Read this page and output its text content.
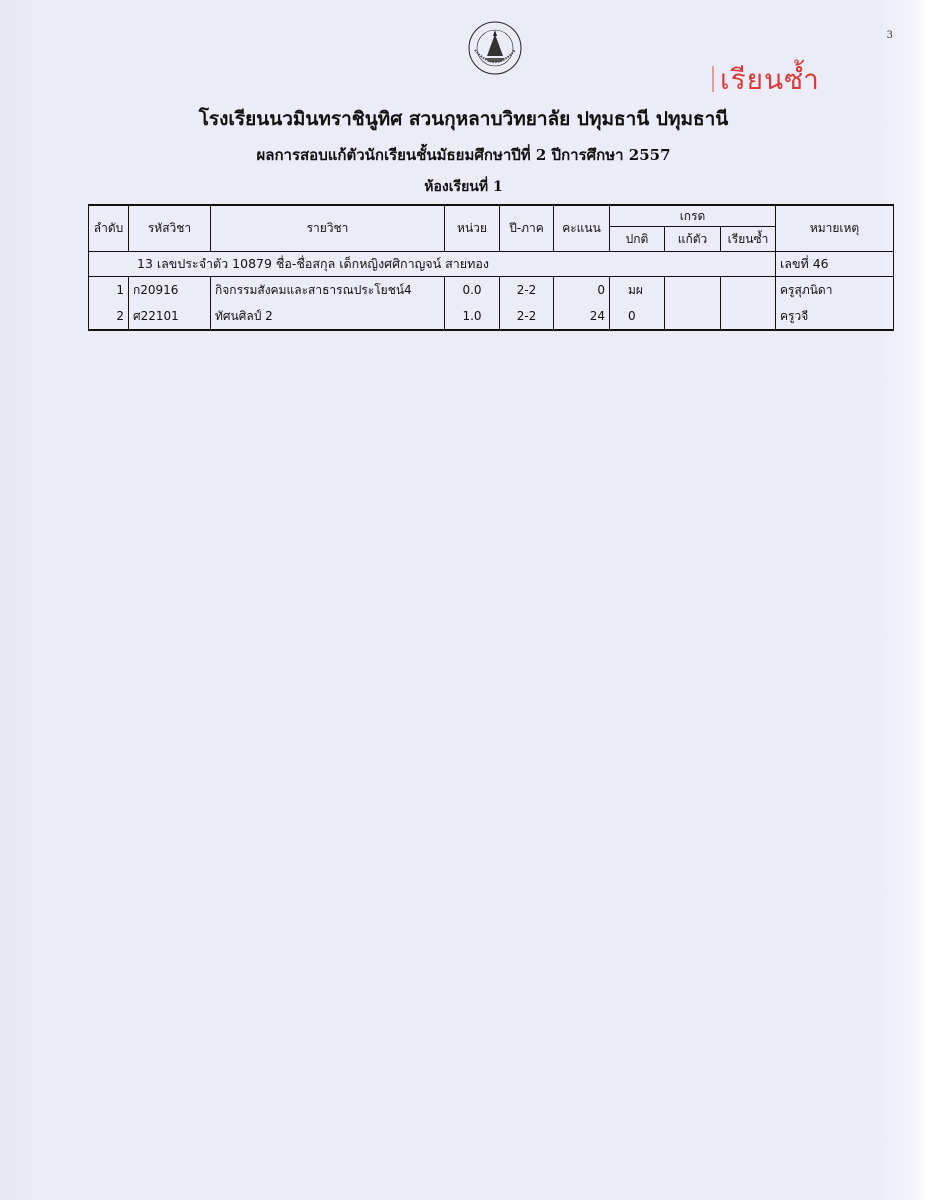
3
เรียนซ้ำ
โรงเรียนนวมินทราชินูทิศ สวนกุหลาบวิทยาลัย ปทุมธานี ปทุมธานี
ผลการสอบแก้ตัวนักเรียนชั้นมัธยมศึกษาปีที่ 2 ปีการศึกษา 2557
ห้องเรียนที่ 1
ลำดับ	รหัสวิชา	รายวิชา	หน่วย	ปี-ภาค	คะแนน	เกรด			หมายเหตุ
						ปกติ	แก้ตัว	เรียนซ้ำ	
13 เลขประจำตัว 10879 ชื่อ-ชื่อสกุล เด็กหญิงศศิกาญจน์ สายทอง									เลขที่ 46
1	ก20916	กิจกรรมสังคมและสาธารณประโยชน์4	0.0	2-2	0	มผ			ครูสุภนิดา
2	ศ22101	ทัศนศิลป์ 2	1.0	2-2	24	0			ครูวจี
